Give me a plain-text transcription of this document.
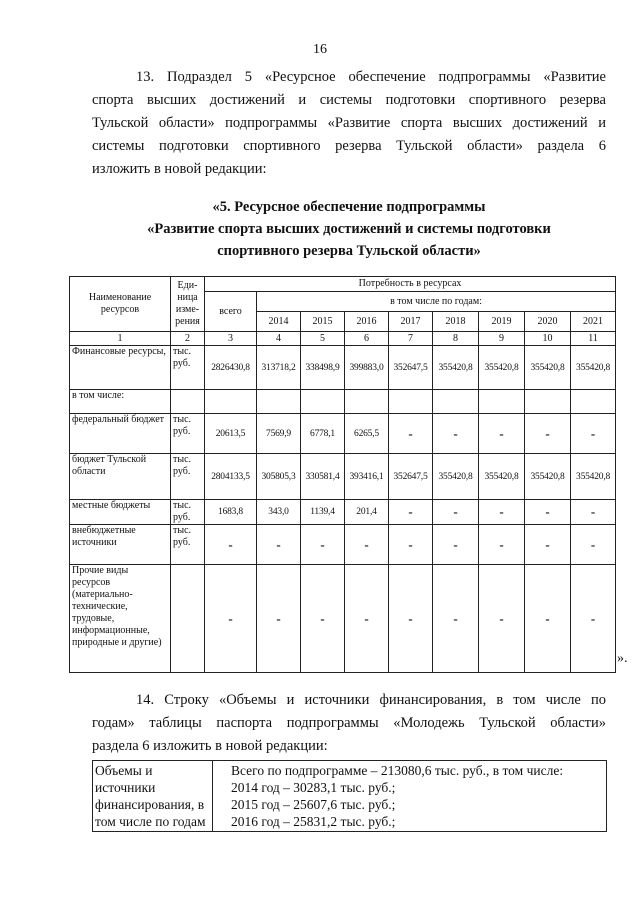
16
13. Подраздел 5 «Ресурсное обеспечение подпрограммы «Развитие
спорта высших достижений и системы подготовки спортивного резерва
Тульской области» подпрограммы «Развитие спорта высших достижений и
системы подготовки спортивного резерва Тульской области» раздела 6
изложить в новой редакции:
«5. Ресурсное обеспечение подпрограммы
«Развитие спорта высших достижений и системы подготовки
спортивного резерва Тульской области»
Наименование ресурсов	Еди-ница изме-рения	Потребность в ресурсах								
		всего	в том числе по годам:							
			2014	2015	2016	2017	2018	2019	2020	2021
1	2	3	4	5	6	7	8	9	10	11
Финансовые ресурсы,	тыс. руб.	2826430,8	313718,2	338498,9	399883,0	352647,5	355420,8	355420,8	355420,8	355420,8
в том числе:										
федеральный бюджет	тыс. руб.	20613,5	7569,9	6778,1	6265,5	-	-	-	-	-
бюджет Тульской области	тыс. руб.	2804133,5	305805,3	330581,4	393416,1	352647,5	355420,8	355420,8	355420,8	355420,8
местные бюджеты	тыс. руб.	1683,8	343,0	1139,4	201,4	-	-	-	-	-
внебюджетные источники	тыс. руб.	-	-	-	-	-	-	-	-	-
Прочие виды ресурсов (материально-технические, трудовые, информационные, природные и другие)		-	-	-	-	-	-	-	-	-
».
14. Строку «Объемы и источники финансирования, в том числе по
годам» таблицы паспорта подпрограммы «Молодежь Тульской области»
раздела 6 изложить в новой редакции:
Объемы и
источники
финансирования, в
том числе по годам

Всего по подпрограмме – 213080,6 тыс. руб., в том числе:
2014 год – 30283,1 тыс. руб.;
2015 год – 25607,6 тыс. руб.;
2016 год – 25831,2 тыс. руб.;
